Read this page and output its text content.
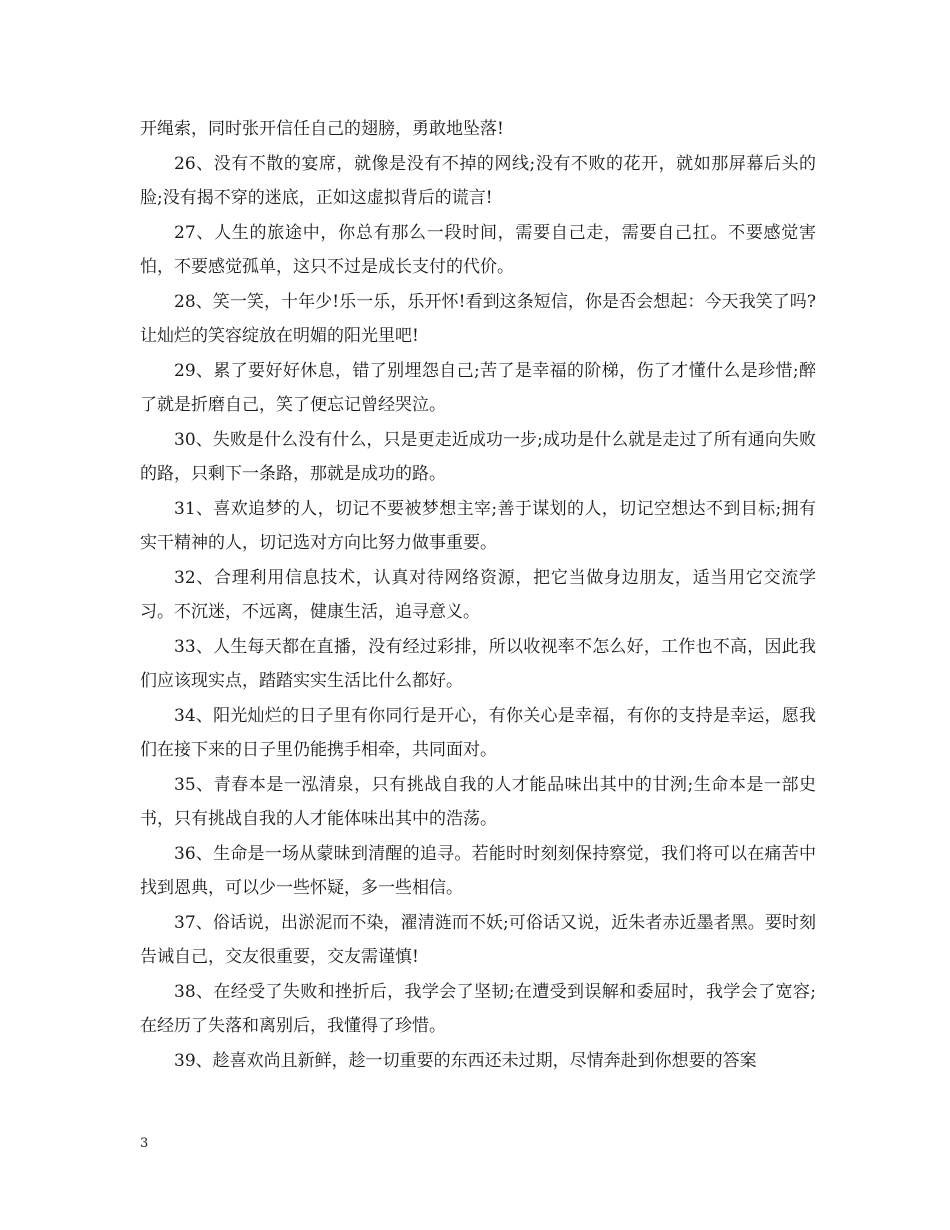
开绳索，同时张开信任自己的翅膀，勇敢地坠落!

26、没有不散的宴席，就像是没有不掉的网线;没有不败的花开，就如那屏幕后头的脸;没有揭不穿的迷底，正如这虚拟背后的谎言!

27、人生的旅途中，你总有那么一段时间，需要自己走，需要自己扛。不要感觉害怕，不要感觉孤单，这只不过是成长支付的代价。

28、笑一笑，十年少!乐一乐，乐开怀!看到这条短信，你是否会想起：今天我笑了吗?让灿烂的笑容绽放在明媚的阳光里吧!

29、累了要好好休息，错了别埋怨自己;苦了是幸福的阶梯，伤了才懂什么是珍惜;醉了就是折磨自己，笑了便忘记曾经哭泣。

30、失败是什么没有什么，只是更走近成功一步;成功是什么就是走过了所有通向失败的路，只剩下一条路，那就是成功的路。

31、喜欢追梦的人，切记不要被梦想主宰;善于谋划的人，切记空想达不到目标;拥有实干精神的人，切记选对方向比努力做事重要。

32、合理利用信息技术，认真对待网络资源，把它当做身边朋友，适当用它交流学习。不沉迷，不远离，健康生活，追寻意义。

33、人生每天都在直播，没有经过彩排，所以收视率不怎么好，工作也不高，因此我们应该现实点，踏踏实实生活比什么都好。

34、阳光灿烂的日子里有你同行是开心，有你关心是幸福，有你的支持是幸运，愿我们在接下来的日子里仍能携手相牵，共同面对。

35、青春本是一泓清泉，只有挑战自我的人才能品味出其中的甘洌;生命本是一部史书，只有挑战自我的人才能体味出其中的浩荡。

36、生命是一场从蒙昧到清醒的追寻。若能时时刻刻保持察觉，我们将可以在痛苦中找到恩典，可以少一些怀疑，多一些相信。

37、俗话说，出淤泥而不染，濯清涟而不妖;可俗话又说，近朱者赤近墨者黑。要时刻告诫自己，交友很重要，交友需谨慎!

38、在经受了失败和挫折后，我学会了坚韧;在遭受到误解和委屈时，我学会了宽容;在经历了失落和离别后，我懂得了珍惜。

39、趁喜欢尚且新鲜，趁一切重要的东西还未过期，尽情奔赴到你想要的答案

3
